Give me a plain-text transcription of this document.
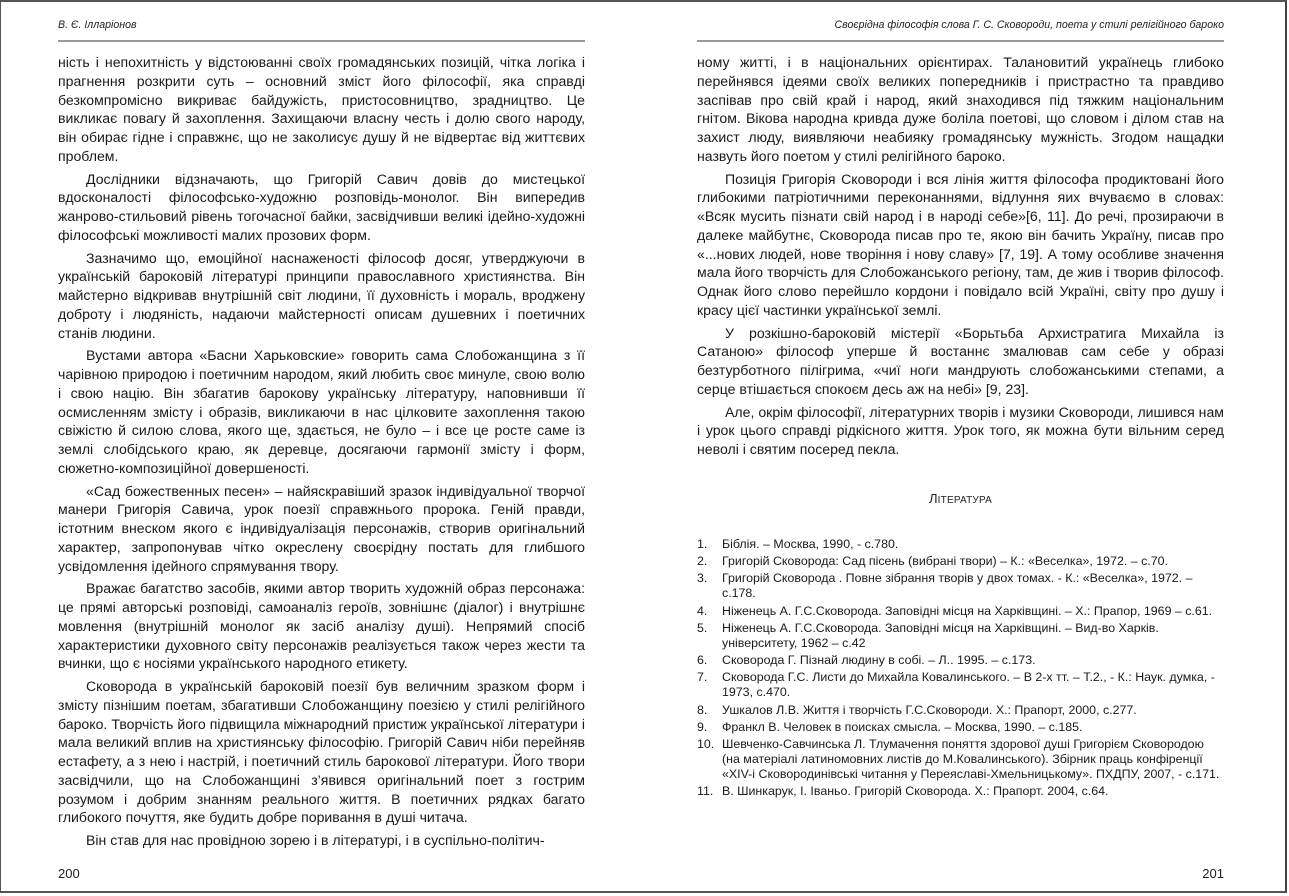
В. Є. Ілларіонов

ність і непохитність у відстоюванні своїх громадянських позицій, чітка логіка і прагнення розкрити суть – основний зміст його філософії, яка справді безкомпромісно викриває байдужість, пристосовництво, зрадництво. Це викликає повагу й захоплення. Захищаючи власну честь і долю свого народу, він обирає гідне і справжнє, що не заколисує душу й не відвертає від життєвих проблем.

Дослідники відзначають, що Григорій Савич довів до мистецької вдосконалості філософсько-художню розповідь-монолог. Він випередив жанрово-стильовий рівень тогочасної байки, засвідчивши великі ідейно-художні філософські можливості малих прозових форм.

Зазначимо що, емоційної наснаженості філософ досяг, утверджуючи в українській бароковій літературі принципи православного християнства. Він майстерно відкривав внутрішній світ людини, її духовність і мораль, вроджену доброту і людяність, надаючи майстерності описам душевних і поетичних станів людини.

Вустами автора «Басни Харьковские» говорить сама Слобожанщина з її чарівною природою і поетичним народом, який любить своє минуле, свою волю і свою націю. Він збагатив барокову українську літературу, наповнивши її осмисленням змісту і образів, викликаючи в нас цілковите захоплення такою свіжістю й силою слова, якого ще, здається, не було – і все це росте саме із землі слобідського краю, як деревце, досягаючи гармонії змісту і форм, сюжетно-композиційної довершеності.

«Сад божественных песен» – найяскравіший зразок індивідуальної творчої манери Григорія Савича, урок поезії справжнього пророка. Геній правди, істотним внеском якого є індивідуалізація персонажів, створив оригінальний характер, запропонував чітко окреслену своєрідну постать для глибшого усвідомлення ідейного спрямування твору.

Вражає багатство засобів, якими автор творить художній образ персонажа: це прямі авторські розповіді, самоаналіз героїв, зовнішнє (діалог) і внутрішнє мовлення (внутрішній монолог як засіб аналізу душі). Непрямий спосіб характеристики духовного світу персонажів реалізується також через жести та вчинки, що є носіями українського народного етикету.

Сковорода в українській бароковій поезії був величним зразком форм і змісту пізнішим поетам, збагативши Слобожанщину поезією у стилі релігійного бароко. Творчість його підвищила міжнародний пристиж української літератури і мала великий вплив на християнську філософію. Григорій Савич ніби перейняв естафету, а з нею і настрій, і поетичний стиль барокової літератури. Його твори засвідчили, що на Слобожанщині з’явився оригінальний поет з гострим розумом і добрим знанням реального життя. В поетичних рядках багато глибокого почуття, яке будить добре поривання в душі читача.

Він став для нас провідною зорею і в літературі, і в суспільно-політич-

200
Своєрідна філософія слова Г. С. Сковороди, поета у стилі релігійного бароко

ному житті, і в національних орієнтирах. Талановитий українець глибоко перейнявся ідеями своїх великих попередників і пристрастно та правдиво заспівав про свій край і народ, який знаходився під тяжким національним гнітом. Вікова народна кривда дуже боліла поетові, що словом і ділом став на захист люду, виявляючи неабияку громадянську мужність. Згодом нащадки назвуть його поетом у стилі релігійного бароко.

Позиція Григорія Сковороди і вся лінія життя філософа продиктовані його глибокими патріотичними переконаннями, відлуння яих вчуваємо в словах: «Всяк мусить пізнати свій народ і в народі себе»[6, 11]. До речі, прозираючи в далеке майбутнє, Сковорода писав про те, якою він бачить Україну, писав про «...нових людей, нове творіння і нову славу» [7, 19]. А тому особливе значення мала його творчість для Слобожанського регіону, там, де жив і творив філософ. Однак його слово перейшло кордони і повідало всій Україні, світу про душу і красу цієї частинки української землі.

У розкішно-бароковій містерії «Борьтьба Архистратига Михайла із Сатаною» філософ уперше й востаннє змалював сам себе у образі безтурботного пілігрима, «чиї ноги мандрують слобожанськими степами, а серце втішається спокоєм десь аж на небі» [9, 23].

Але, окрім філософії, літературних творів і музики Сковороди, лишився нам і урок цього справді рідкісного життя. Урок того, як можна бути вільним серед неволі і святим посеред пекла.

ЛІТЕРАТУРА
1. Біблія. – Москва, 1990, - с.780.
2. Григорій Сковорода: Сад пісень (вибрані твори) – К.: «Веселка», 1972. – с.70.
3. Григорій Сковорода . Повне зібрання творів у двох томах. - К.: «Веселка», 1972. – с.178.
4. Ніженець А. Г.С.Сковорода. Заповідні місця на Харківщині. – Х.: Прапор, 1969 – с.61.
5. Ніженець А. Г.С.Сковорода. Заповідні місця на Харківщині. – Вид-во Харків. університету, 1962 – с.42
6. Сковорода Г. Пізнай людину в собі. – Л.. 1995. – с.173.
7. Сковорода Г.С. Листи до Михайла Ковалинського. – В 2-х тт. – Т.2., - К.: Наук. думка, - 1973, с.470.
8. Ушкалов Л.В. Життя і творчість Г.С.Сковороди. Х.: Прапорт, 2000, с.277.
9. Франкл В. Человек в поисках смысла. – Москва, 1990. – с.185.
10. Шевченко-Савчинська Л. Тлумачення поняття здорової душі Григорієм Сковородою (на матеріалі латиномовних листів до М.Ковалинського). Збірник праць конфіренції «XIV-і Сковородинівські читання у Переяславі-Хмельницькому». ПХДПУ, 2007, - с.171.
11. В. Шинкарук, І. Іваньо. Григорій Сковорода. Х.: Прапорт. 2004, с.64.
201
